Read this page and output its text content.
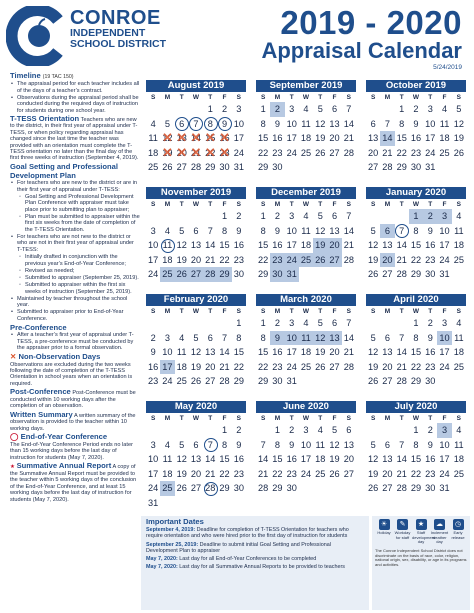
CONROE
INDEPENDENT
SCHOOL DISTRICT
2019 - 2020
Appraisal Calendar
5/24/2019
Timeline (19 TAC 150)
• The appraisal period for each teacher includes all of the days of a teacher’s contract.
• Observations during the appraisal period shall be conducted during the required days of instruction for students during one school year.
T-TESS Orientation Teachers who are new to the district, in their first year of appraisal under T-TESS, or when policy regarding appraisal has changed since the last time the teacher was provided with an orientation must complete the T-TESS orientation no later than the final day of the first three weeks of instruction (September 4, 2019).
Goal Setting and Professional Development Plan
• For teachers who are new to the district or are in their first year of appraisal under T-TESS:
◦ Goal Setting and Professional Development Plan Conference with appraiser must take place prior to submitting plan to appraiser;
◦ Plan must be submitted to appraiser within the first six weeks from the date of completion of the T-TESS Orientation.
• For teachers who are not new to the district or who are not in their first year of appraisal under T-TESS:
◦ Initially drafted in conjunction with the previous year’s End-of-Year Conference;
◦ Revised as needed;
◦ Submitted to appraiser (September 25, 2019).
◦ Submitted to appraiser within the first six weeks of instruction (September 25, 2019).
• Maintained by teacher throughout the school year.
• Submitted to appraiser prior to End-of-Year Conference.
Pre-Conference
• After a teacher’s first year of appraisal under T-TESS, a pre-conference must be conducted by the appraiser prior to a formal observation.
✕ Non-Observation Days
Observations are excluded during the two weeks following the date of completion of the T-TESS Orientation in school years when an orientation is required.
Post-Conference Post-Conference must be conducted within 10 working days after the completion of an observation.
Written Summary A written summary of the observation is provided to the teacher within 10 working days.
◯ End-of-Year Conference
The End-of-Year Conference Period ends no later than 15 working days before the last day of instruction for students (May 7, 2020).
★ Summative Annual Report A copy of the Summative Annual Report must be provided to the teacher within 5 working days of the conclusion of the End-of-Year Conference, and at least 15 working days before the last day of instruction for students (May 7, 2020).
August 2019
S	M	T	W	T	F	S
				1	2	3
4	5	6	7	8	9	10
11	✕ 12	✕ 13	✕ 14	✕ 15	✕ 16	17
18	✕ 19	✕ 20	✕ 21	✕ 22	✕ 23	24
25	26	27	28	29	30	31
September 2019
S	M	T	W	T	F	S
1	2	3	4	5	6	7
8	9	10	11	12	13	14
15	16	17	18	19	20	21
22	23	24	25	26	27	28
29	30					
October 2019
S	M	T	W	T	F	S
		1	2	3	4	5
6	7	8	9	10	11	12
13	14	15	16	17	18	19
20	21	22	23	24	25	26
27	28	29	30	31		
November 2019
S	M	T	W	T	F	S
					1	2
3	4	5	6	7	8	9
10	11	12	13	14	15	16
17	18	19	20	21	22	23
24	25	26	27	28	29	30
December 2019
S	M	T	W	T	F	S
1	2	3	4	5	6	7
8	9	10	11	12	13	14
15	16	17	18	19	20	21
22	23	24	25	26	27	28
29	30	31				
January 2020
S	M	T	W	T	F	S
			1	2	3	4
5	6	7	8	9	10	11
12	13	14	15	16	17	18
19	20	21	22	23	24	25
26	27	28	29	30	31	
February 2020
S	M	T	W	T	F	S
						1
2	3	4	5	6	7	8
9	10	11	12	13	14	15
16	17	18	19	20	21	22
23	24	25	26	27	28	29
March 2020
S	M	T	W	T	F	S
1	2	3	4	5	6	7
8	9	10	11	12	13	14
15	16	17	18	19	20	21
22	23	24	25	26	27	28
29	30	31				
April 2020
S	M	T	W	T	F	S
			1	2	3	4
5	6	7	8	9	10	11
12	13	14	15	16	17	18
19	20	21	22	23	24	25
26	27	28	29	30		
May 2020
S	M	T	W	T	F	S
					1	2
3	4	5	6	7	8	9
10	11	12	13	14	15	16
17	18	19	20	21	22	23
24	25	26	27	28	29	30
31						
June 2020
S	M	T	W	T	F	S
	1	2	3	4	5	6
7	8	9	10	11	12	13
14	15	16	17	18	19	20
21	22	23	24	25	26	27
28	29	30				
July 2020
S	M	T	W	T	F	S
			1	2	3	4
5	6	7	8	9	10	11
12	13	14	15	16	17	18
19	20	21	22	23	24	25
26	27	28	29	30	31	
Important Dates
September 4, 2019: Deadline for completion of T-TESS Orientation for teachers who require orientation and who were hired prior to the first day of instruction for students
September 25, 2019: Deadline to submit initial Goal Setting and Professional Development Plan to appraiser
May 7, 2020: Last day for all End-of-Year Conferences to be completed
May 7, 2020: Last day for all Summative Annual Reports to be provided to teachers
☀
Holiday
✎
Workday for staff
★
Staff development day
☁
Inclement weather day
◷
Early release
The Conroe Independent School District does not discriminate on the basis of race, color, religion, national origin, sex, disability, or age in its programs and activities.
